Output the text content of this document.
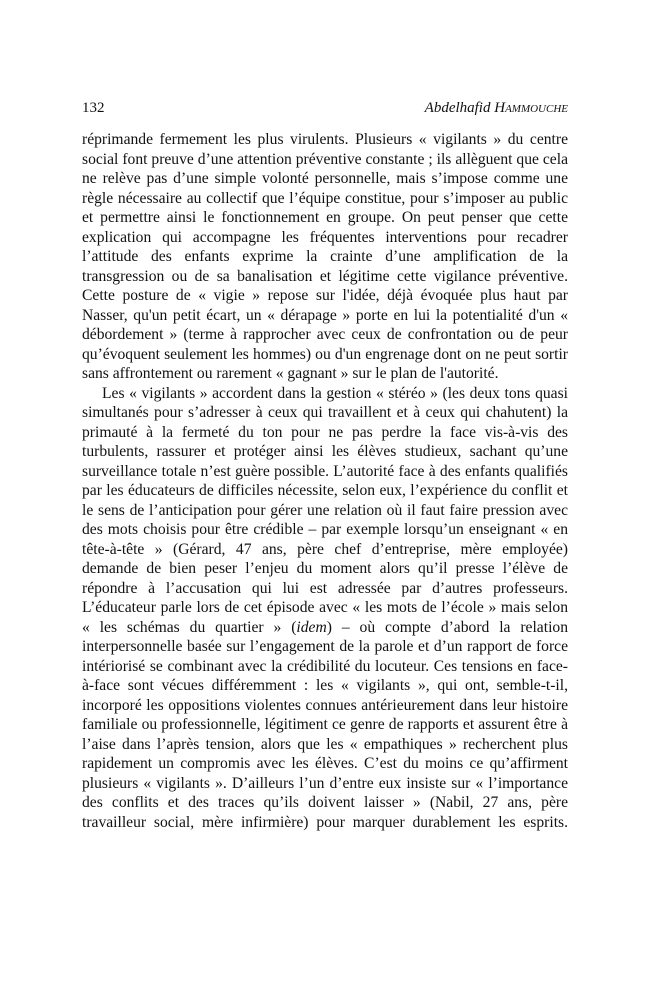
132	Abdelhafid Hammouche

réprimande fermement les plus virulents. Plusieurs « vigilants » du centre social font preuve d’une attention préventive constante ; ils allèguent que cela ne relève pas d’une simple volonté personnelle, mais s’impose comme une règle nécessaire au collectif que l’équipe constitue, pour s’imposer au public et permettre ainsi le fonctionnement en groupe. On peut penser que cette explication qui accompagne les fréquentes interventions pour recadrer l’attitude des enfants exprime la crainte d’une amplification de la transgression ou de sa banalisation et légitime cette vigilance préventive. Cette posture de « vigie » repose sur l'idée, déjà évoquée plus haut par Nasser, qu'un petit écart, un « dérapage » porte en lui la potentialité d'un « débordement » (terme à rapprocher avec ceux de confrontation ou de peur qu’évoquent seulement les hommes) ou d'un engrenage dont on ne peut sortir sans affrontement ou rarement « gagnant » sur le plan de l'autorité.

Les « vigilants » accordent dans la gestion « stéréo » (les deux tons quasi simultanés pour s’adresser à ceux qui travaillent et à ceux qui chahutent) la primauté à la fermeté du ton pour ne pas perdre la face vis-à-vis des turbulents, rassurer et protéger ainsi les élèves studieux, sachant qu’une surveillance totale n’est guère possible. L’autorité face à des enfants qualifiés par les éducateurs de difficiles nécessite, selon eux, l’expérience du conflit et le sens de l’anticipation pour gérer une relation où il faut faire pression avec des mots choisis pour être crédible – par exemple lorsqu’un enseignant « en tête-à-tête » (Gérard, 47 ans, père chef d’entreprise, mère employée) demande de bien peser l’enjeu du moment alors qu’il presse l’élève de répondre à l’accusation qui lui est adressée par d’autres professeurs. L’éducateur parle lors de cet épisode avec « les mots de l’école » mais selon « les schémas du quartier » (idem) – où compte d’abord la relation interpersonnelle basée sur l’engagement de la parole et d’un rapport de force intériorisé se combinant avec la crédibilité du locuteur. Ces tensions en face-à-face sont vécues différemment : les « vigilants », qui ont, semble-t-il, incorporé les oppositions violentes connues antérieurement dans leur histoire familiale ou professionnelle, légitiment ce genre de rapports et assurent être à l’aise dans l’après tension, alors que les « empathiques » recherchent plus rapidement un compromis avec les élèves. C’est du moins ce qu’affirment plusieurs « vigilants ». D’ailleurs l’un d’entre eux insiste sur « l’importance des conflits et des traces qu’ils doivent laisser » (Nabil, 27 ans, père travailleur social, mère infirmière) pour marquer durablement les esprits.
